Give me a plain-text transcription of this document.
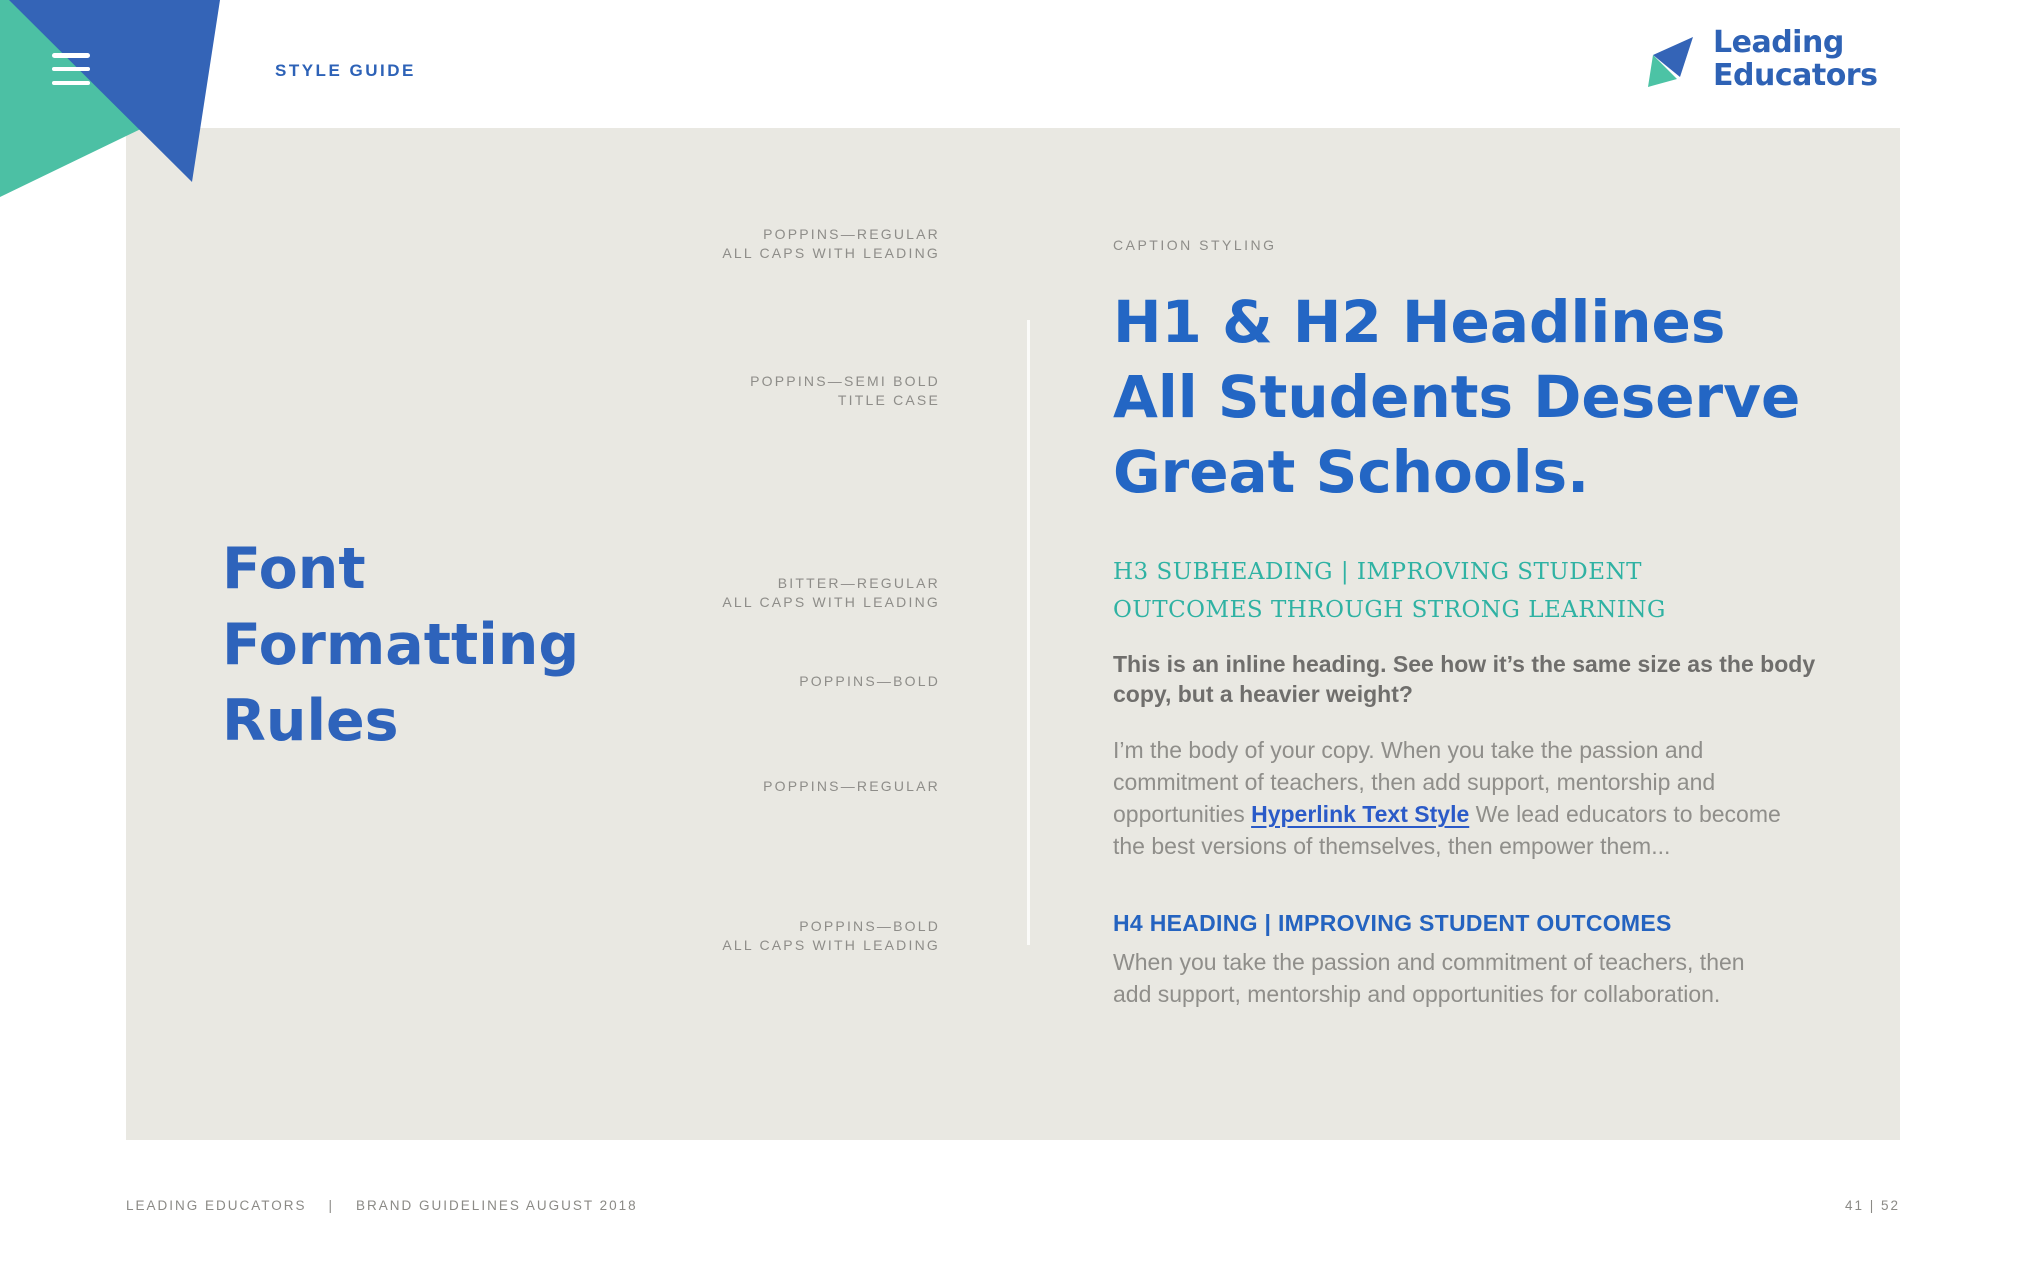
STYLE GUIDE
Leading
Educators
Font
Formatting
Rules
POPPINS—REGULAR
ALL CAPS WITH LEADING
POPPINS—SEMI BOLD
TITLE CASE
BITTER—REGULAR
ALL CAPS WITH LEADING
POPPINS—BOLD
POPPINS—REGULAR
POPPINS—BOLD
ALL CAPS WITH LEADING
CAPTION STYLING
H1 & H2 Headlines
All Students Deserve
Great Schools.
H3 SUBHEADING | IMPROVING STUDENT
OUTCOMES THROUGH STRONG LEARNING
This is an inline heading. See how it’s the same size as the body
copy, but a heavier weight?
I’m the body of your copy. When you take the passion and
commitment of teachers, then add support, mentorship and
opportunities Hyperlink Text Style We lead educators to become
the best versions of themselves, then empower them...
H4 HEADING | IMPROVING STUDENT OUTCOMES
When you take the passion and commitment of teachers, then
add support, mentorship and opportunities for collaboration.
LEADING EDUCATORS | BRAND GUIDELINES AUGUST 2018	41 | 52
